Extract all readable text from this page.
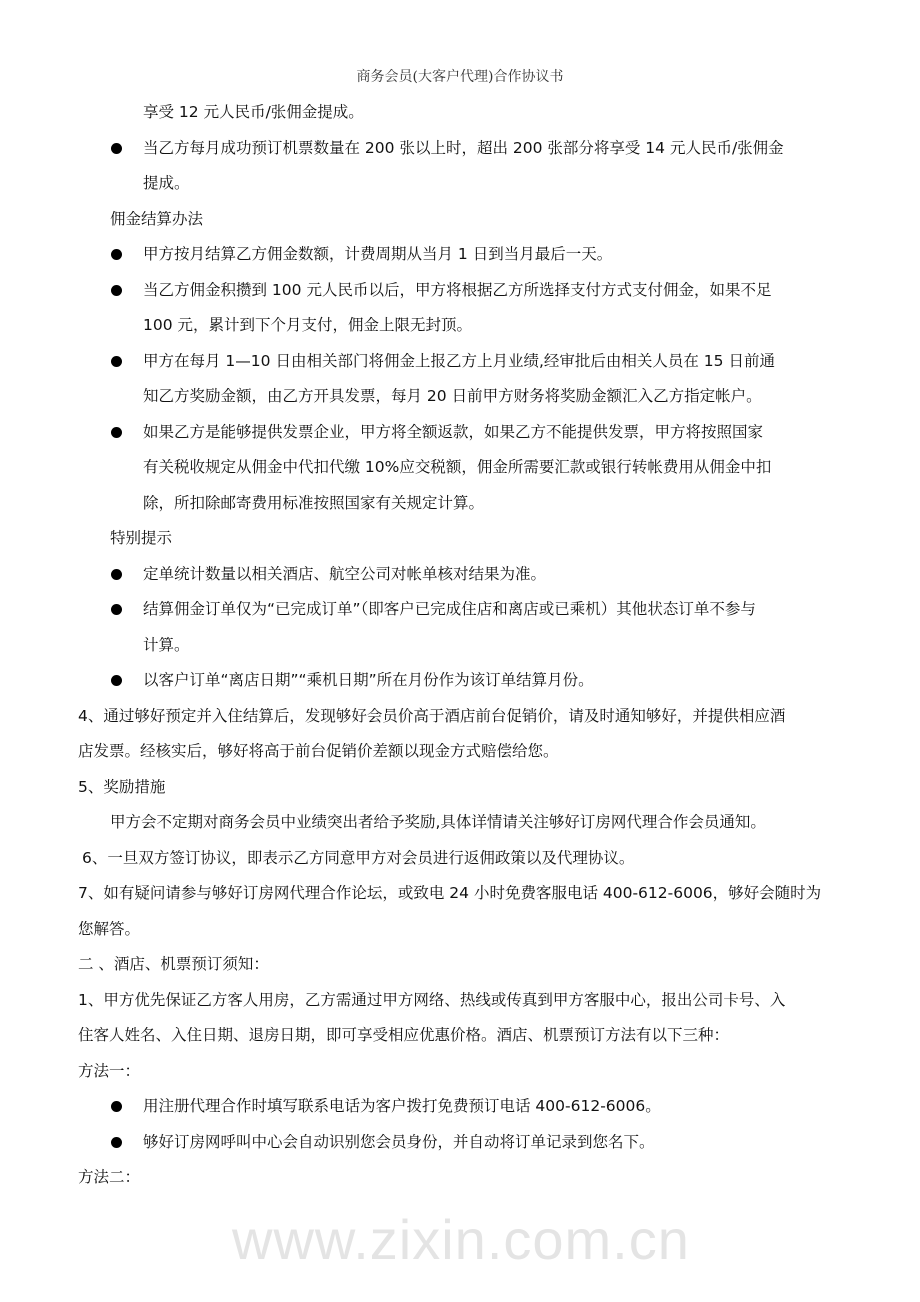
商务会员(大客户代理)合作协议书
享受 12 元人民币/张佣金提成。
当乙方每月成功预订机票数量在 200 张以上时，超出 200 张部分将享受 14 元人民币/张佣金
提成。
佣金结算办法
甲方按月结算乙方佣金数额，计费周期从当月 1 日到当月最后一天。
当乙方佣金积攒到 100 元人民币以后，甲方将根据乙方所选择支付方式支付佣金，如果不足
100 元，累计到下个月支付，佣金上限无封顶。
甲方在每月 1—10 日由相关部门将佣金上报乙方上月业绩,经审批后由相关人员在 15 日前通
知乙方奖励金额，由乙方开具发票，每月 20 日前甲方财务将奖励金额汇入乙方指定帐户。
如果乙方是能够提供发票企业，甲方将全额返款，如果乙方不能提供发票，甲方将按照国家
有关税收规定从佣金中代扣代缴 10%应交税额，佣金所需要汇款或银行转帐费用从佣金中扣
除，所扣除邮寄费用标准按照国家有关规定计算。
特别提示
定单统计数量以相关酒店、航空公司对帐单核对结果为准。
结算佣金订单仅为“已完成订单”（即客户已完成住店和离店或已乘机）其他状态订单不参与
计算。
以客户订单“离店日期”“乘机日期”所在月份作为该订单结算月份。
4、通过够好预定并入住结算后，发现够好会员价高于酒店前台促销价，请及时通知够好，并提供相应酒
店发票。经核实后，够好将高于前台促销价差额以现金方式赔偿给您。
5、奖励措施
甲方会不定期对商务会员中业绩突出者给予奖励,具体详情请关注够好订房网代理合作会员通知。
6、一旦双方签订协议，即表示乙方同意甲方对会员进行返佣政策以及代理协议。
7、如有疑问请参与够好订房网代理合作论坛，或致电 24 小时免费客服电话 400-612-6006，够好会随时为
您解答。
二 、酒店、机票预订须知：
1、甲方优先保证乙方客人用房，乙方需通过甲方网络、热线或传真到甲方客服中心，报出公司卡号、入
住客人姓名、入住日期、退房日期，即可享受相应优惠价格。酒店、机票预订方法有以下三种：
方法一：
用注册代理合作时填写联系电话为客户拨打免费预订电话 400-612-6006。
够好订房网呼叫中心会自动识别您会员身份，并自动将订单记录到您名下。
方法二：
www.zixin.com.cn
